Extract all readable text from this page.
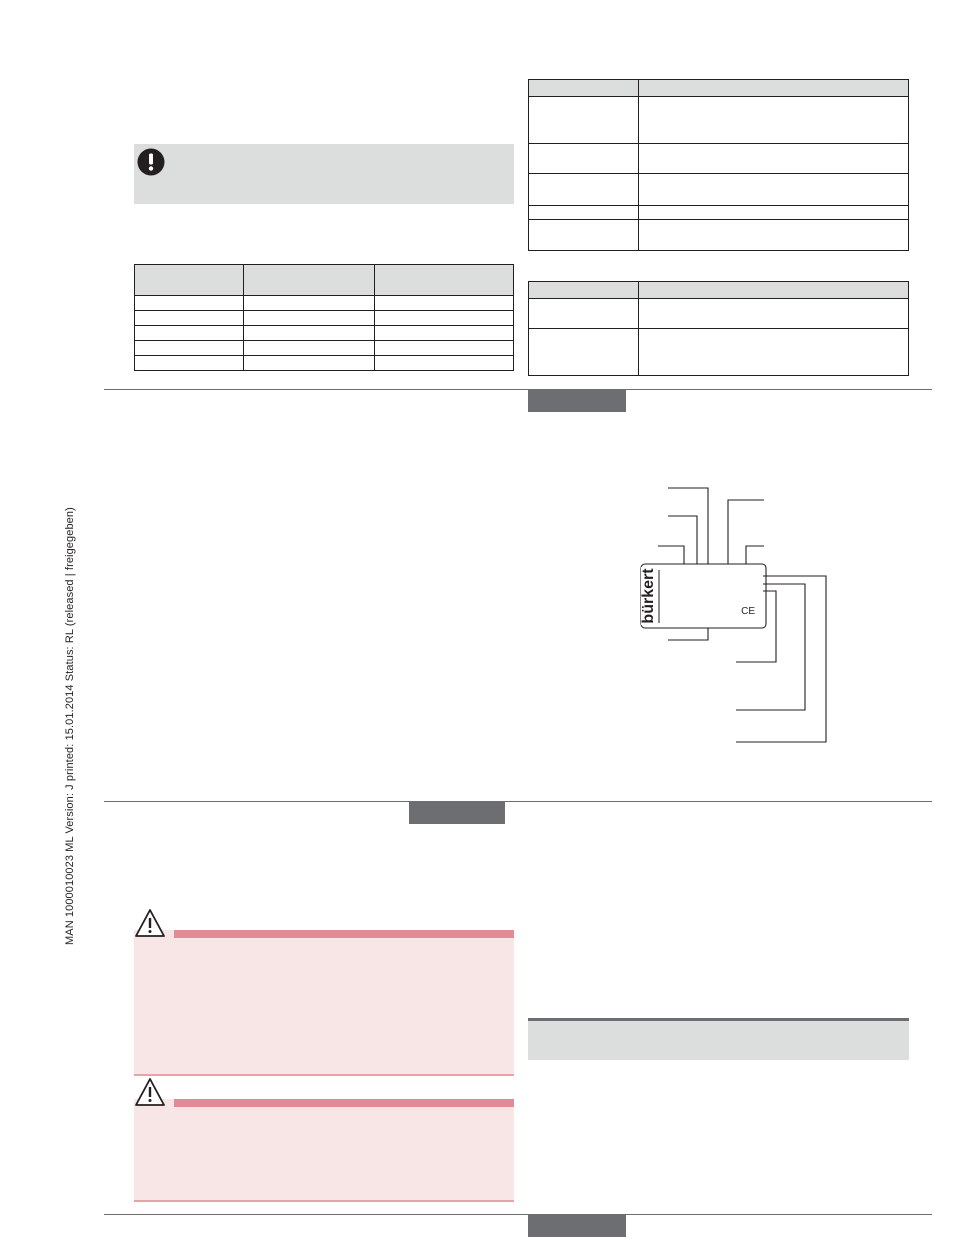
MAN 1000010023 ML Version: J printed: 15.01.2014 Status: RL (released | freigegeben)

		bürkert	CE
